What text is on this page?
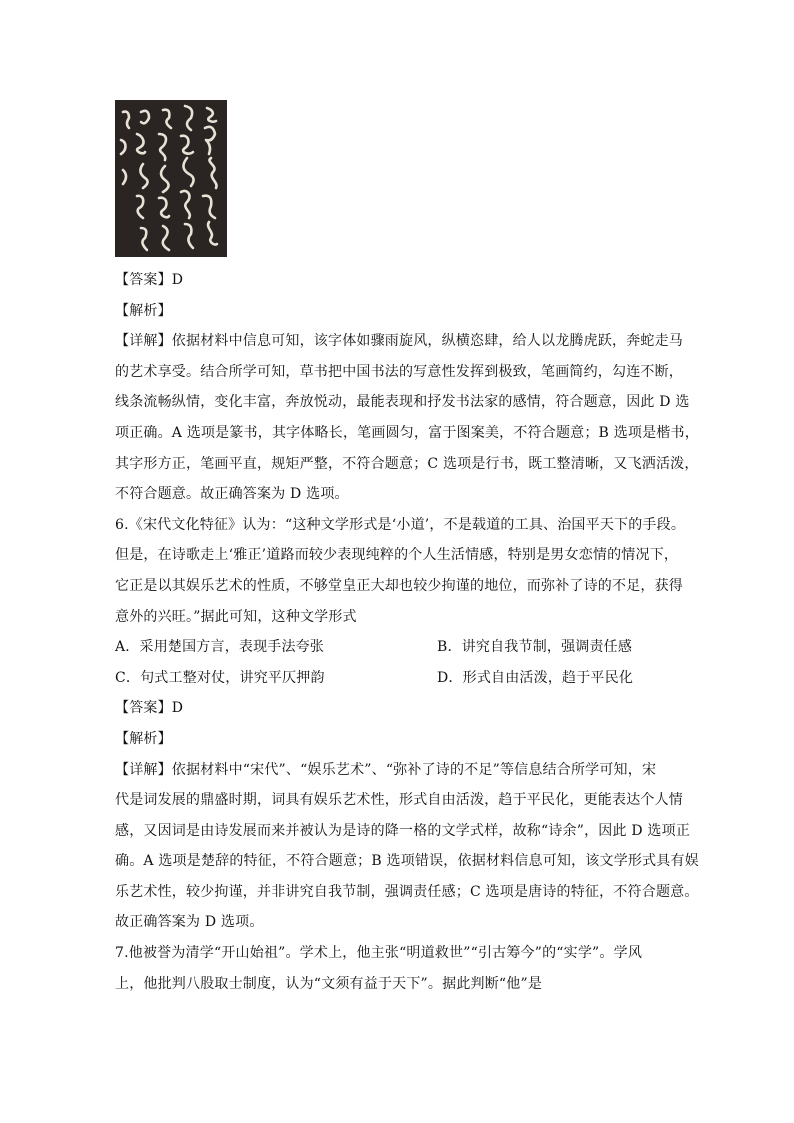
【答案】D
【解析】
【详解】依据材料中信息可知，该字体如骤雨旋风，纵横恣肆，给人以龙腾虎跃，奔蛇走马
的艺术享受。结合所学可知，草书把中国书法的写意性发挥到极致，笔画简约，勾连不断，
线条流畅纵情，变化丰富，奔放悦动，最能表现和抒发书法家的感情，符合题意，因此 D 选
项正确。A 选项是篆书，其字体略长，笔画圆匀，富于图案美，不符合题意；B 选项是楷书，
其字形方正，笔画平直，规矩严整，不符合题意；C 选项是行书，既工整清晰，又飞洒活泼，
不符合题意。故正确答案为 D 选项。
6.《宋代文化特征》认为：“这种文学形式是‘小道’，不是载道的工具、治国平天下的手段。
但是，在诗歌走上‘雅正’道路而较少表现纯粹的个人生活情感，特别是男女恋情的情况下，
它正是以其娱乐艺术的性质，不够堂皇正大却也较少拘谨的地位，而弥补了诗的不足，获得
意外的兴旺。”据此可知，这种文学形式
A．采用楚国方言，表现手法夸张	B．讲究自我节制，强调责任感
C．句式工整对仗，讲究平仄押韵	D．形式自由活泼，趋于平民化
【答案】D
【解析】
【详解】依据材料中“宋代”、“娱乐艺术”、“弥补了诗的不足”等信息结合所学可知，宋
代是词发展的鼎盛时期，词具有娱乐艺术性，形式自由活泼，趋于平民化，更能表达个人情
感，又因词是由诗发展而来并被认为是诗的降一格的文学式样，故称“诗余”，因此 D 选项正
确。A 选项是楚辞的特征，不符合题意；B 选项错误，依据材料信息可知，该文学形式具有娱
乐艺术性，较少拘谨，并非讲究自我节制，强调责任感；C 选项是唐诗的特征，不符合题意。
故正确答案为 D 选项。
7.他被誉为清学“开山始祖”。学术上，他主张“明道救世”“引古筹今”的“实学”。学风
上，他批判八股取士制度，认为“文须有益于天下”。据此判断“他”是
